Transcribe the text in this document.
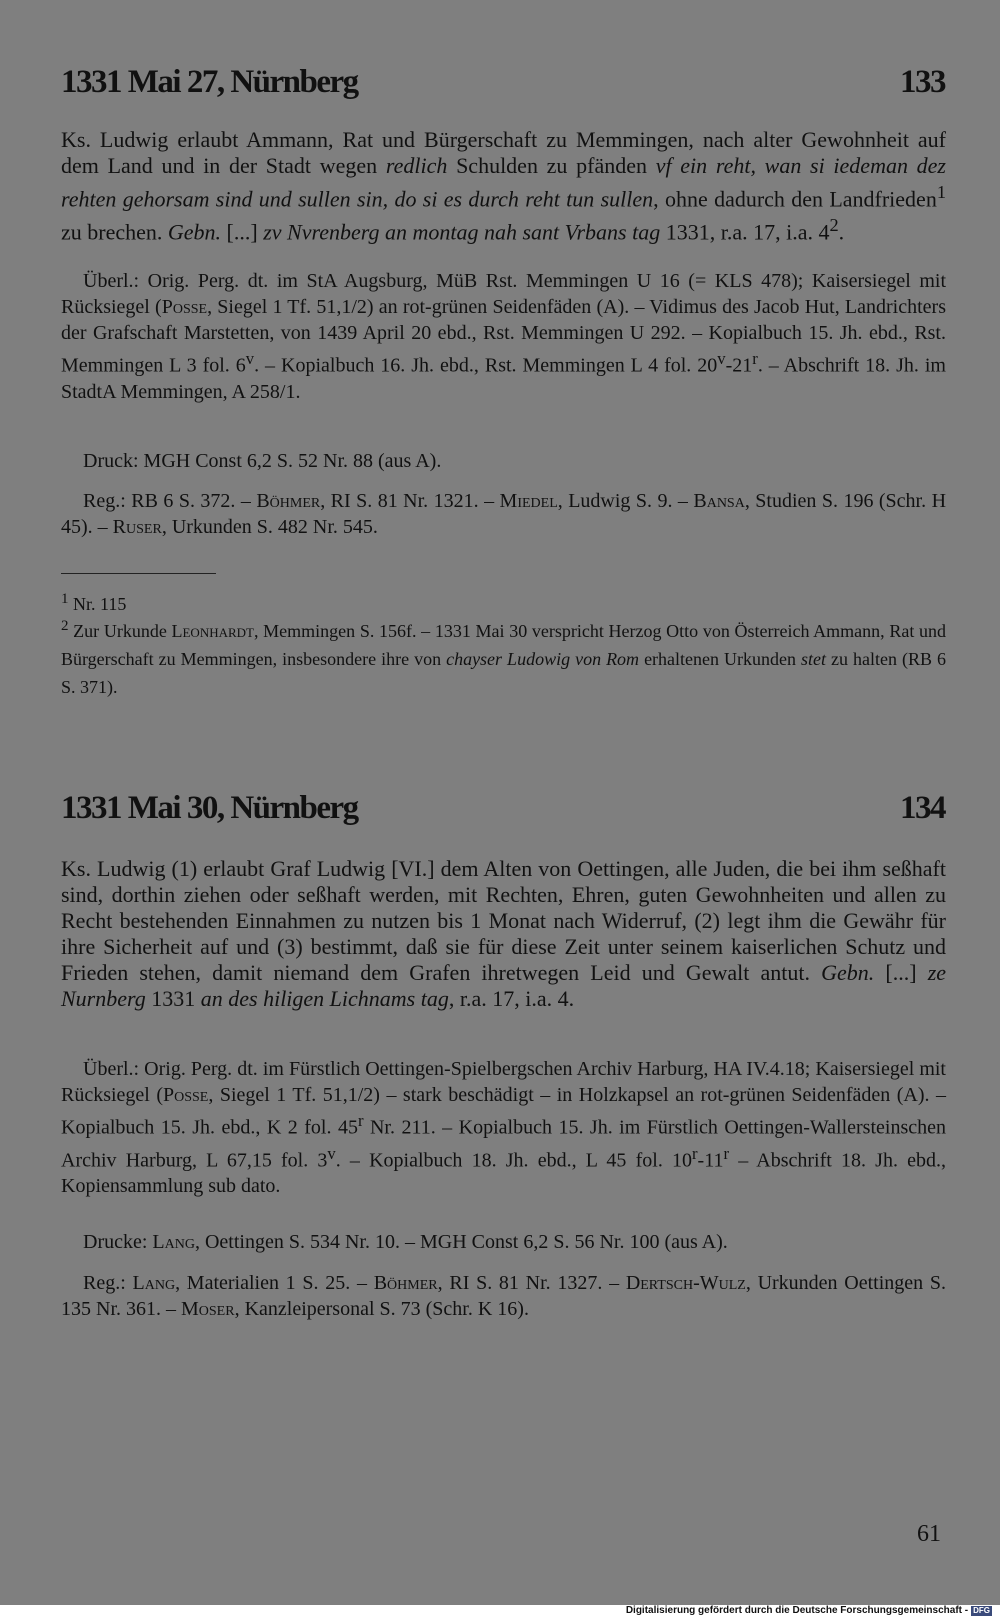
1331 Mai 27, Nürnberg	133

Ks. Ludwig erlaubt Ammann, Rat und Bürgerschaft zu Memmingen, nach alter Gewohnheit auf dem Land und in der Stadt wegen redlich Schulden zu pfänden vf ein reht, wan si iedeman dez rehten gehorsam sind und sullen sin, do si es durch reht tun sullen, ohne dadurch den Landfrieden$^1$ zu brechen. Gebn. [...] zv Nvrenberg an montag nah sant Vrbans tag 1331, r.a. 17, i.a. $4^2$.

Überl.: Orig. Perg. dt. im StA Augsburg, MüB Rst. Memmingen U 16 (= KLS 478); Kaisersiegel mit Rücksiegel (Posse, Siegel 1 Tf. 51,1/2) an rot-grünen Seidenfäden (A). – Vidimus des Jacob Hut, Landrichters der Grafschaft Marstetten, von 1439 April 20 ebd., Rst. Memmingen U 292. – Kopialbuch 15. Jh. ebd., Rst. Memmingen L 3 fol. 6$^v$. – Kopialbuch 16. Jh. ebd., Rst. Memmingen L 4 fol. 20$^v$-21$^r$. – Abschrift 18. Jh. im StadtA Memmingen, A 258/1.

Druck: MGH Const 6,2 S. 52 Nr. 88 (aus A).

Reg.: RB 6 S. 372. – Böhmer, RI S. 81 Nr. 1321. – Miedel, Ludwig S. 9. – Bansa, Studien S. 196 (Schr. H 45). – Ruser, Urkunden S. 482 Nr. 545.

$^1$ Nr. 115

$^2$ Zur Urkunde Leonhardt, Memmingen S. 156f. – 1331 Mai 30 verspricht Herzog Otto von Österreich Ammann, Rat und Bürgerschaft zu Memmingen, insbesondere ihre von chayser Ludowig von Rom erhaltenen Urkunden stet zu halten (RB 6 S. 371).

1331 Mai 30, Nürnberg	134

Ks. Ludwig (1) erlaubt Graf Ludwig [VI.] dem Alten von Oettingen, alle Juden, die bei ihm seßhaft sind, dorthin ziehen oder seßhaft werden, mit Rechten, Ehren, guten Gewohnheiten und allen zu Recht bestehenden Einnahmen zu nutzen bis 1 Monat nach Widerruf, (2) legt ihm die Gewähr für ihre Sicherheit auf und (3) bestimmt, daß sie für diese Zeit unter seinem kaiserlichen Schutz und Frieden stehen, damit niemand dem Grafen ihretwegen Leid und Gewalt antut. Gebn. [...] ze Nurnberg 1331 an des hiligen Lichnams tag, r.a. 17, i.a. 4.

Überl.: Orig. Perg. dt. im Fürstlich Oettingen-Spielbergschen Archiv Harburg, HA IV.4.18; Kaisersiegel mit Rücksiegel (Posse, Siegel 1 Tf. 51,1/2) – stark beschädigt – in Holzkapsel an rot-grünen Seidenfäden (A). – Kopialbuch 15. Jh. ebd., K 2 fol. 45$^r$ Nr. 211. – Kopialbuch 15. Jh. im Fürstlich Oettingen-Wallersteinschen Archiv Harburg, L 67,15 fol. 3$^v$. – Kopialbuch 18. Jh. ebd., L 45 fol. 10$^r$-11$^r$ – Abschrift 18. Jh. ebd., Kopiensammlung sub dato.

Drucke: Lang, Oettingen S. 534 Nr. 10. – MGH Const 6,2 S. 56 Nr. 100 (aus A).

Reg.: Lang, Materialien 1 S. 25. – Böhmer, RI S. 81 Nr. 1327. – Dertsch-Wulz, Urkunden Oettingen S. 135 Nr. 361. – Moser, Kanzleipersonal S. 73 (Schr. K 16).

61
Digitalisierung gefördert durch die Deutsche Forschungsgemeinschaft - DFG
